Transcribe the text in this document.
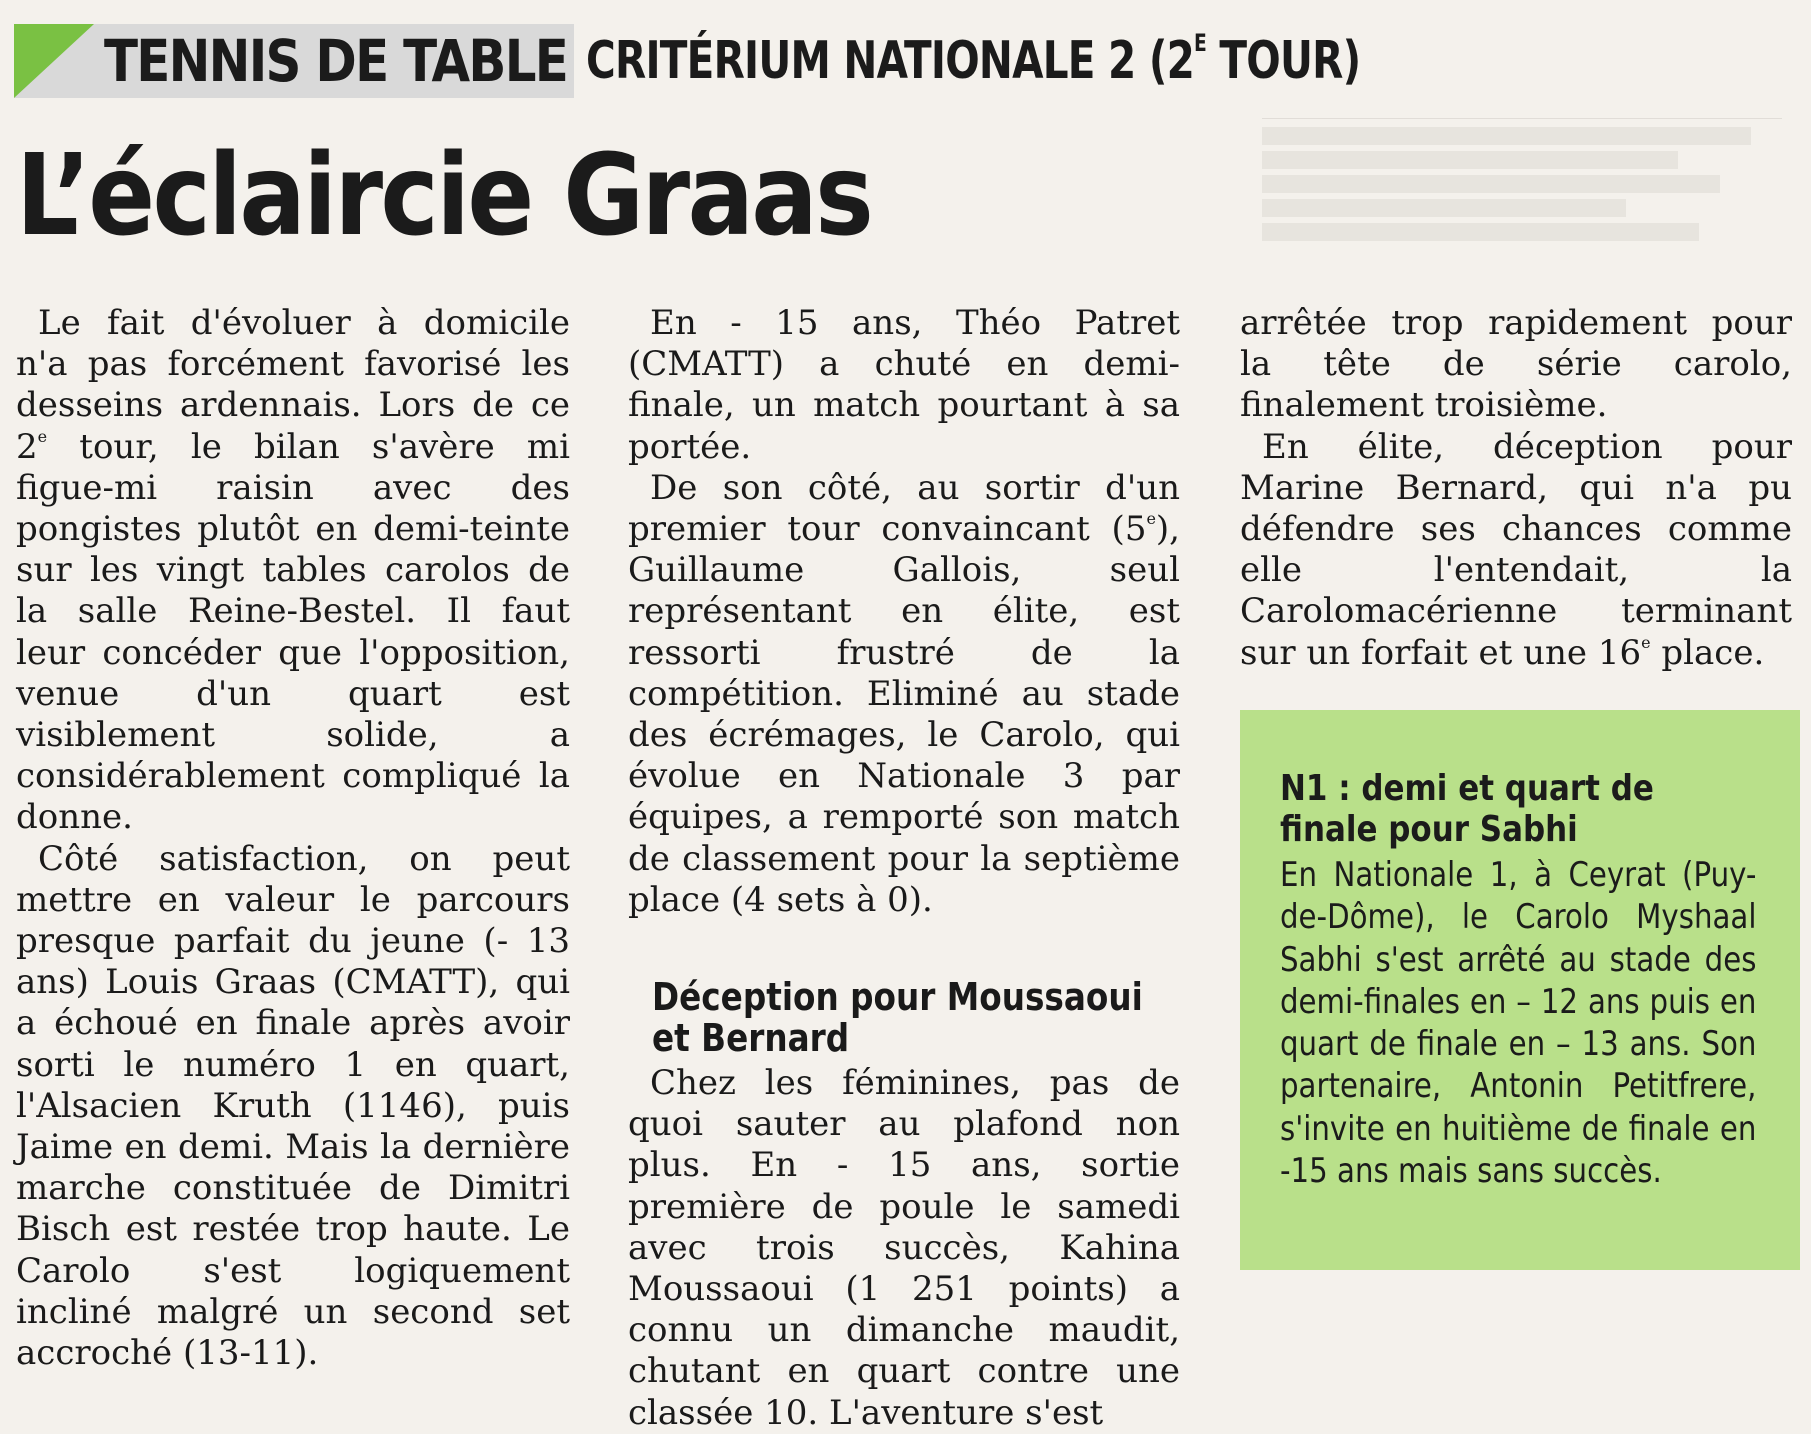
TENNIS DE TABLE CRITÉRIUM NATIONALE 2 ($2^E$ TOUR)
L’éclaircie Graas

Le fait d'évoluer à domicile n'a pas forcément favorisé les desseins ardennais. Lors de ce 2e tour, le bilan s'avère mi figue-mi raisin avec des pongistes plutôt en demi-teinte sur les vingt tables carolos de la salle Reine-Bestel. Il faut leur concéder que l'opposition, venue d'un quart est visiblement solide, a considérablement compliqué la donne.

Côté satisfaction, on peut mettre en valeur le parcours presque parfait du jeune (- 13 ans) Louis Graas (CMATT), qui a échoué en finale après avoir sorti le numéro 1 en quart, l'Alsacien Kruth (1146), puis Jaime en demi. Mais la dernière marche constituée de Dimitri Bisch est restée trop haute. Le Carolo s'est logiquement incliné malgré un second set accroché (13-11).

En - 15 ans, Théo Patret (CMATT) a chuté en demi-finale, un match pourtant à sa portée.

De son côté, au sortir d'un premier tour convaincant (5e), Guillaume Gallois, seul représentant en élite, est ressorti frustré de la compétition. Eliminé au stade des écrémages, le Carolo, qui évolue en Nationale 3 par équipes, a remporté son match de classement pour la septième place (4 sets à 0).

Déception pour Moussaoui
et Bernard

Chez les féminines, pas de quoi sauter au plafond non plus. En - 15 ans, sortie première de poule le samedi avec trois succès, Kahina Moussaoui (1 251 points) a connu un dimanche maudit, chutant en quart contre une classée 10. L'aventure s'est

arrêtée trop rapidement pour la tête de série carolo, finalement troisième.

En élite, déception pour Marine Bernard, qui n'a pu défendre ses chances comme elle l'entendait, la Carolomacérienne terminant sur un forfait et une 16e place.

N1 : demi et quart de finale pour Sabhi
En Nationale 1, à Ceyrat (Puy-de-Dôme), le Carolo Myshaal Sabhi s'est arrêté au stade des demi-finales en – 12 ans puis en quart de finale en – 13 ans. Son partenaire, Antonin Petitfrere, s'invite en huitième de finale en -15 ans mais sans succès.
